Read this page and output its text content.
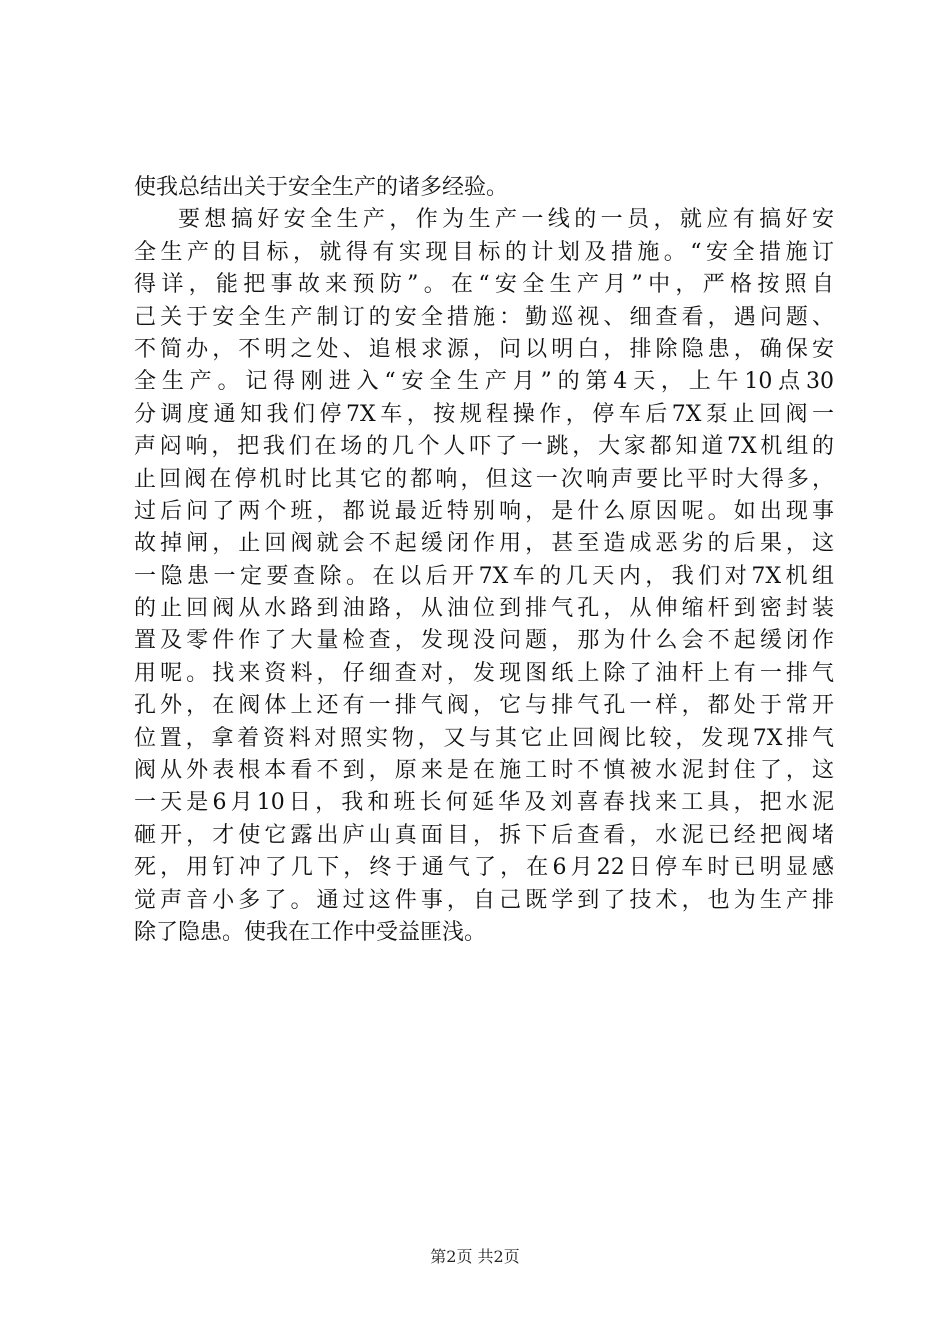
使我总结出关于安全生产的诸多经验。
要想搞好安全生产，作为生产一线的一员，就应有搞好安
全生产的目标，就得有实现目标的计划及措施。“安全措施订
得详，能把事故来预防”。在“安全生产月”中，严格按照自
己关于安全生产制订的安全措施：勤巡视、细查看，遇问题、
不简办，不明之处、追根求源，问以明白，排除隐患，确保安
全生产。记得刚进入“安全生产月”的第4天，上午10点30
分调度通知我们停7X车，按规程操作，停车后7X泵止回阀一
声闷响，把我们在场的几个人吓了一跳，大家都知道7X机组的
止回阀在停机时比其它的都响，但这一次响声要比平时大得多，
过后问了两个班，都说最近特别响，是什么原因呢。如出现事
故掉闸，止回阀就会不起缓闭作用，甚至造成恶劣的后果，这
一隐患一定要查除。在以后开7X车的几天内，我们对7X机组
的止回阀从水路到油路，从油位到排气孔，从伸缩杆到密封装
置及零件作了大量检查，发现没问题，那为什么会不起缓闭作
用呢。找来资料，仔细查对，发现图纸上除了油杆上有一排气
孔外，在阀体上还有一排气阀，它与排气孔一样，都处于常开
位置，拿着资料对照实物，又与其它止回阀比较，发现7X排气
阀从外表根本看不到，原来是在施工时不慎被水泥封住了，这
一天是6月10日，我和班长何延华及刘喜春找来工具，把水泥
砸开，才使它露出庐山真面目，拆下后查看，水泥已经把阀堵
死，用钉冲了几下，终于通气了，在6月22日停车时已明显感
觉声音小多了。通过这件事，自己既学到了技术，也为生产排
除了隐患。使我在工作中受益匪浅。
第2页 共2页
